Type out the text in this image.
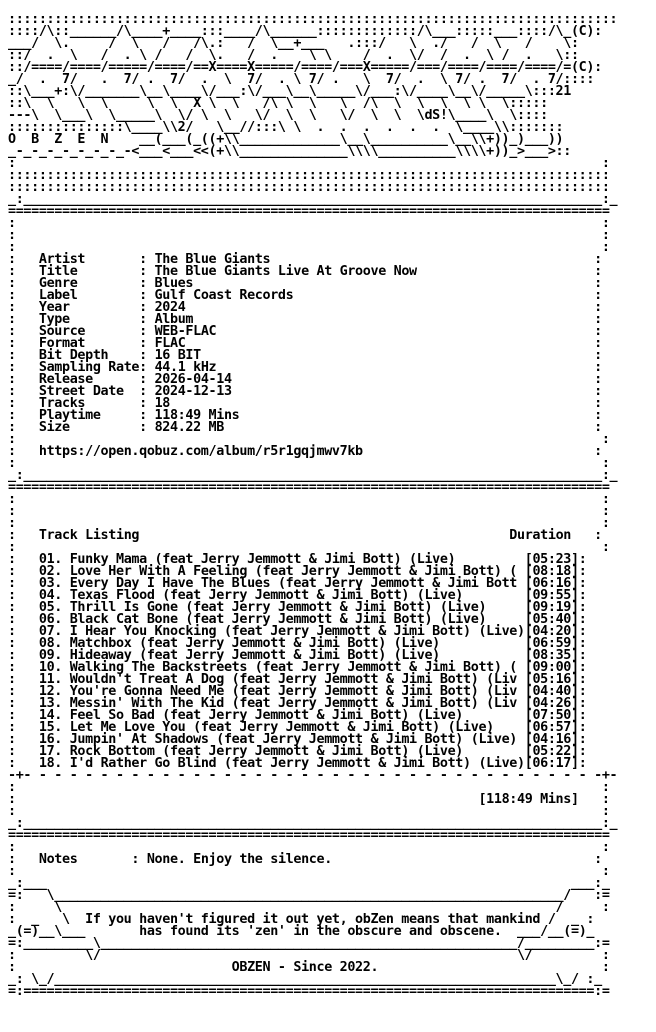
:::::::::::::::::::::::::::::::::::::::::::::::::::::::::::::::::::::::::::::::
::::/\::______/\____+____:::____/\______:::::::::::::/\___:::::___::::/\_(C):
___/  \.     /  \   /   /\.:   /  \__+___   .:::/   \  ./   /  \   /    \:
::/  .  \   /  . \ /   /  \.   /  .    \ \    /  .  \/  /  .  \ /  .   \::
::/====/====/=====/====/==X====X=====/====/===X=====/===/====/====/====/=(C):
_/  .  7/   .  7/ .  7/  .  \  7/  . \ 7/ .   \  7/  .  \ 7/ .  7/  . 7/::::
::\___+:\/_______\__\____\/___:\/___\__\_____\/___:\/____\__\/_____\:::21
::\  \   \  \     \  \  X \  \   /\ \  \   \  /\  \  \  \  \ \  \:::::
---\  \___\  \_____\  \/ \  \   \/  \  \   \/  \  \  \dS!\____\  \::::
:::::::::::::::\____\\2/   \__//:::\ \  .  .  .  .  .  .  \____\\:::::::
O  B  Z  E  N    __(___(_((+\\_____________\__\__________\__\\+))_)___))
_-_-_-_-_-_-_-_-<___<___<<(+\\______________\\\\__________\\\\+))_>___>::
:                                                                            :
::::::::::::::::::::::::::::::::::::::::::::::::::::::::::::::::::::::::::::::
::::::::::::::::::::::::::::::::::::::::::::::::::::::::::::::::::::::::::::::
_:___________________________________________________________________________:_
==============================================================================
:                                                                            :
:                                                                            :
:                                                                            :
:   Artist       : The Blue Giants                                          :
:   Title        : The Blue Giants Live At Groove Now                       :
:   Genre        : Blues                                                    :
:   Label        : Gulf Coast Records                                       :
:   Year         : 2024                                                     :
:   Type         : Album                                                    :
:   Source       : WEB-FLAC                                                 :
:   Format       : FLAC                                                     :
:   Bit Depth    : 16 BIT                                                   :
:   Sampling Rate: 44.1 kHz                                                 :
:   Release      : 2026-04-14                                               :
:   Street Date  : 2024-12-13                                               :
:   Tracks       : 18                                                       :
:   Playtime     : 118:49 Mins                                              :
:   Size         : 824.22 MB                                                :
:                                                                            :
:   https://open.qobuz.com/album/r5r1gqjmwv7kb                              :
:                                                                            :
_:___________________________________________________________________________:_
==============================================================================
:                                                                            :
:                                                                            :
:                                                                            :
:   Track Listing	Duration   :
:                                                                            :
:   01. Funky Mama (feat Jerry Jemmott & Jimi Bott) (Live)	[05:23]:
:   02. Love Her With A Feeling (feat Jerry Jemmott & Jimi Bott) ( [08:18]:
:   03. Every Day I Have The Blues (feat Jerry Jemmott & Jimi Bott [06:16]:
:   04. Texas Flood (feat Jerry Jemmott & Jimi Bott) (Live)	[09:55]:
:   05. Thrill Is Gone (feat Jerry Jemmott & Jimi Bott) (Live)	[09:19]:
:   06. Black Cat Bone (feat Jerry Jemmott & Jimi Bott) (Live)	[05:40]:
:   07. I Hear You Knocking (feat Jerry Jemmott & Jimi Bott) (Live)[04:20]:
:   08. Matchbox (feat Jerry Jemmott & Jimi Bott) (Live)	[06:59]:
:   09. Hideaway (feat Jerry Jemmott & Jimi Bott) (Live)	[08:35]:
:   10. Walking The Backstreets (feat Jerry Jemmott & Jimi Bott) ( [09:00]:
:   11. Wouldn't Treat A Dog (feat Jerry Jemmott & Jimi Bott) (Liv [05:16]:
:   12. You're Gonna Need Me (feat Jerry Jemmott & Jimi Bott) (Liv [04:40]:
:   13. Messin' With The Kid (feat Jerry Jemmott & Jimi Bott) (Liv [04:26]:
:   14. Feel So Bad (feat Jerry Jemmott & Jimi Bott) (Live)	[07:50]:
:   15. Let Me Love You (feat Jerry Jemmott & Jimi Bott) (Live) [06:57]:
:   16. Jumpin' At Shadows (feat Jerry Jemmott & Jimi Bott) (Live) [04:16]:
:   17. Rock Bottom (feat Jerry Jemmott & Jimi Bott) (Live)	[05:22]:
:   18. I'd Rather Go Blind (feat Jerry Jemmott & Jimi Bott) (Live)[06:17]:
-+- - - - - - - - - - - - - - - - - - - - - - - - - - - - - - - - - - - - - -+-
:                                                                            :
:                                                            [118:49 Mins]   :
:                                                                            :
_:___________________________________________________________________________:_
==============================================================================
:                                                                            :
:   Notes       : None. Enjoy the silence.                                  :
:                                                                            :
_:___                                                                    ___:_
=:   \__________________________________________________________________/   :=
:     \                                                                /     :
:  _   \  If you haven't figured it out yet, obZen means that mankind /  _ :
_(=)__\___       has found its 'zen' in the obscure and obscene.  ___/__(=)_
=:_________\______________________________________________________/_________:=
:         \/                                                      \/         :
:                            OBZEN - Since 2022.                             :
_: \_/_________________________________________________________________\_/ :_
=:==========================================================================:=
